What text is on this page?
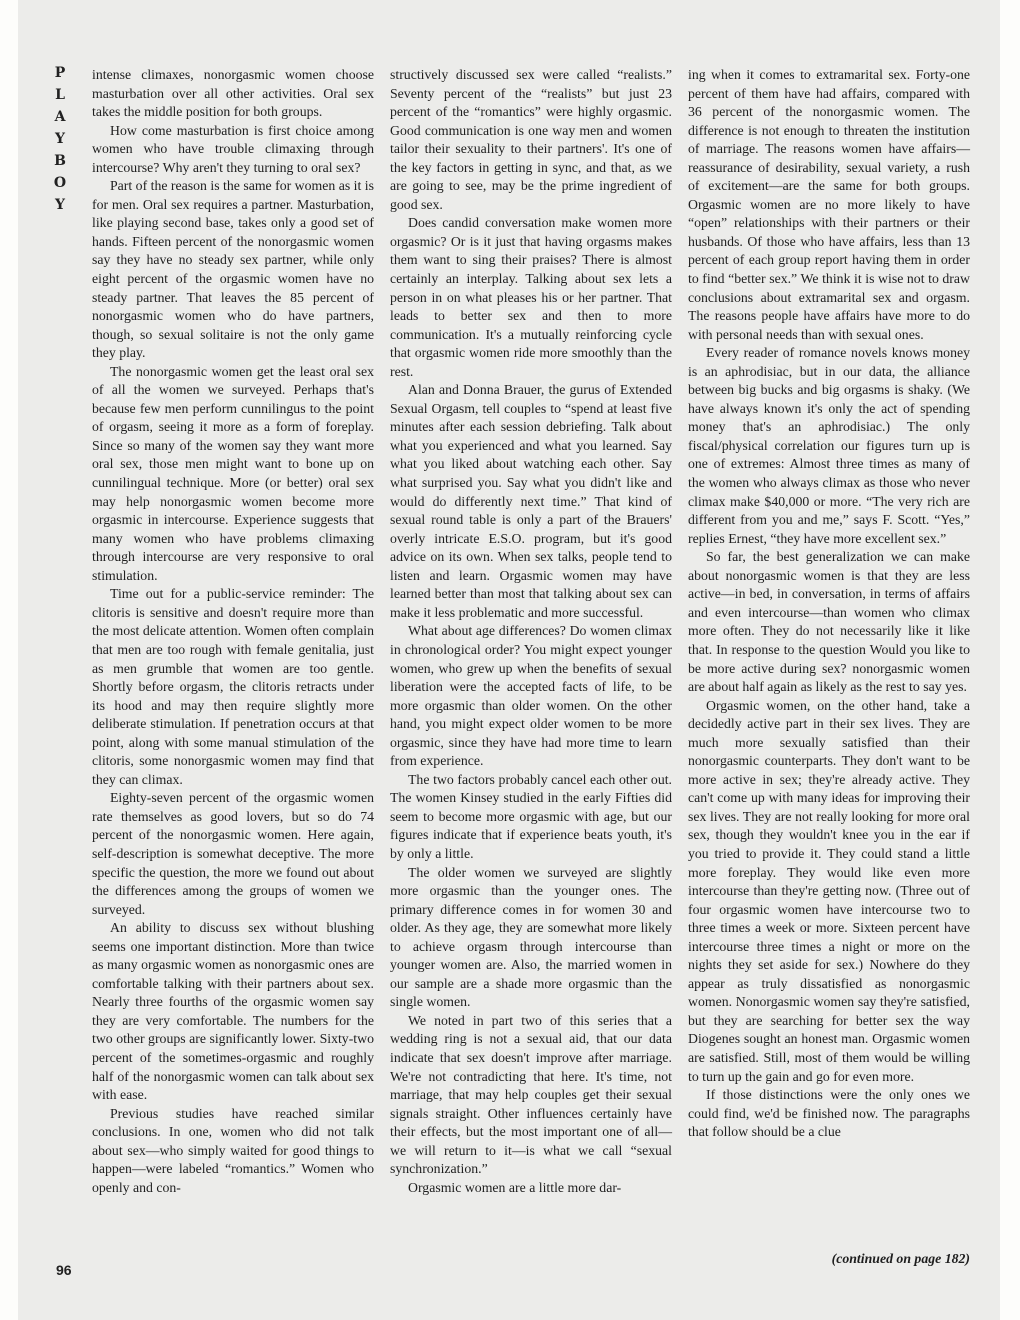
PLAYBOY

intense climaxes, nonorgasmic women choose masturbation over all other activities. Oral sex takes the middle position for both groups.

How come masturbation is first choice among women who have trouble climaxing through intercourse? Why aren't they turning to oral sex?

Part of the reason is the same for women as it is for men. Oral sex requires a partner. Masturbation, like playing second base, takes only a good set of hands. Fifteen percent of the nonorgasmic women say they have no steady sex partner, while only eight percent of the orgasmic women have no steady partner. That leaves the 85 percent of nonorgasmic women who do have partners, though, so sexual solitaire is not the only game they play.

The nonorgasmic women get the least oral sex of all the women we surveyed. Perhaps that's because few men perform cunnilingus to the point of orgasm, seeing it more as a form of foreplay. Since so many of the women say they want more oral sex, those men might want to bone up on cunnilingual technique. More (or better) oral sex may help nonorgasmic women become more orgasmic in intercourse. Experience suggests that many women who have problems climaxing through intercourse are very responsive to oral stimulation.

Time out for a public-service reminder: The clitoris is sensitive and doesn't require more than the most delicate attention. Women often complain that men are too rough with female genitalia, just as men grumble that women are too gentle. Shortly before orgasm, the clitoris retracts under its hood and may then require slightly more deliberate stimulation. If penetration occurs at that point, along with some manual stimulation of the clitoris, some nonorgasmic women may find that they can climax.

Eighty-seven percent of the orgasmic women rate themselves as good lovers, but so do 74 percent of the nonorgasmic women. Here again, self-description is somewhat deceptive. The more specific the question, the more we found out about the differences among the groups of women we surveyed.

An ability to discuss sex without blushing seems one important distinction. More than twice as many orgasmic women as nonorgasmic ones are comfortable talking with their partners about sex. Nearly three fourths of the orgasmic women say they are very comfortable. The numbers for the two other groups are significantly lower. Sixty-two percent of the sometimes-orgasmic and roughly half of the nonorgasmic women can talk about sex with ease.

Previous studies have reached similar conclusions. In one, women who did not talk about sex—who simply waited for good things to happen—were labeled “romantics.” Women who openly and con-

structively discussed sex were called “realists.” Seventy percent of the “realists” but just 23 percent of the “romantics” were highly orgasmic. Good communication is one way men and women tailor their sexuality to their partners'. It's one of the key factors in getting in sync, and that, as we are going to see, may be the prime ingredient of good sex.

Does candid conversation make women more orgasmic? Or is it just that having orgasms makes them want to sing their praises? There is almost certainly an interplay. Talking about sex lets a person in on what pleases his or her partner. That leads to better sex and then to more communication. It's a mutually reinforcing cycle that orgasmic women ride more smoothly than the rest.

Alan and Donna Brauer, the gurus of Extended Sexual Orgasm, tell couples to “spend at least five minutes after each session debriefing. Talk about what you experienced and what you learned. Say what you liked about watching each other. Say what surprised you. Say what you didn't like and would do differently next time.” That kind of sexual round table is only a part of the Brauers' overly intricate E.S.O. program, but it's good advice on its own. When sex talks, people tend to listen and learn. Orgasmic women may have learned better than most that talking about sex can make it less problematic and more successful.

What about age differences? Do women climax in chronological order? You might expect younger women, who grew up when the benefits of sexual liberation were the accepted facts of life, to be more orgasmic than older women. On the other hand, you might expect older women to be more orgasmic, since they have had more time to learn from experience.

The two factors probably cancel each other out. The women Kinsey studied in the early Fifties did seem to become more orgasmic with age, but our figures indicate that if experience beats youth, it's by only a little.

The older women we surveyed are slightly more orgasmic than the younger ones. The primary difference comes in for women 30 and older. As they age, they are somewhat more likely to achieve orgasm through intercourse than younger women are. Also, the married women in our sample are a shade more orgasmic than the single women.

We noted in part two of this series that a wedding ring is not a sexual aid, that our data indicate that sex doesn't improve after marriage. We're not contradicting that here. It's time, not marriage, that may help couples get their sexual signals straight. Other influences certainly have their effects, but the most important one of all—we will return to it—is what we call “sexual synchronization.”

Orgasmic women are a little more dar-

ing when it comes to extramarital sex. Forty-one percent of them have had affairs, compared with 36 percent of the nonorgasmic women. The difference is not enough to threaten the institution of marriage. The reasons women have affairs—reassurance of desirability, sexual variety, a rush of excitement—are the same for both groups. Orgasmic women are no more likely to have “open” relationships with their partners or their husbands. Of those who have affairs, less than 13 percent of each group report having them in order to find “better sex.” We think it is wise not to draw conclusions about extramarital sex and orgasm. The reasons people have affairs have more to do with personal needs than with sexual ones.

Every reader of romance novels knows money is an aphrodisiac, but in our data, the alliance between big bucks and big orgasms is shaky. (We have always known it's only the act of spending money that's an aphrodisiac.) The only fiscal/physical correlation our figures turn up is one of extremes: Almost three times as many of the women who always climax as those who never climax make $40,000 or more. “The very rich are different from you and me,” says F. Scott. “Yes,” replies Ernest, “they have more excellent sex.”

So far, the best generalization we can make about nonorgasmic women is that they are less active—in bed, in conversation, in terms of affairs and even intercourse—than women who climax more often. They do not necessarily like it like that. In response to the question Would you like to be more active during sex? nonorgasmic women are about half again as likely as the rest to say yes.

Orgasmic women, on the other hand, take a decidedly active part in their sex lives. They are much more sexually satisfied than their nonorgasmic counterparts. They don't want to be more active in sex; they're already active. They can't come up with many ideas for improving their sex lives. They are not really looking for more oral sex, though they wouldn't knee you in the ear if you tried to provide it. They could stand a little more foreplay. They would like even more intercourse than they're getting now. (Three out of four orgasmic women have intercourse two to three times a week or more. Sixteen percent have intercourse three times a night or more on the nights they set aside for sex.) Nowhere do they appear as truly dissatisfied as nonorgasmic women. Nonorgasmic women say they're satisfied, but they are searching for better sex the way Diogenes sought an honest man. Orgasmic women are satisfied. Still, most of them would be willing to turn up the gain and go for even more.

If those distinctions were the only ones we could find, we'd be finished now. The paragraphs that follow should be a clue

(continued on page 182)
96
